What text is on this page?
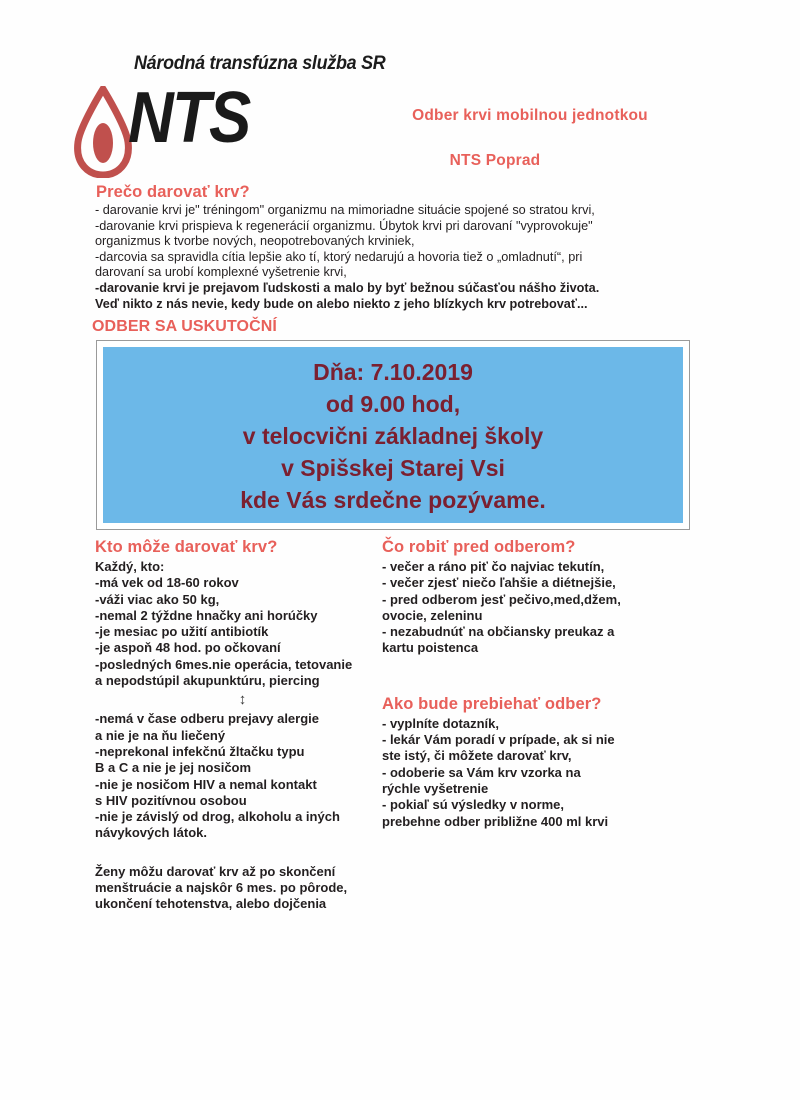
Národná transfúzna služba SR
NTS	Odber krvi mobilnou jednotkou
NTS Poprad
Prečo darovať krv?
- darovanie krvi je" tréningom" organizmu na mimoriadne situácie spojené so stratou krvi,
-darovanie krvi prispieva k regenerácií organizmu. Úbytok krvi pri darovaní "vyprovokuje"
organizmus k tvorbe nových, neopotrebovaných krviniek,
-darcovia sa spravidla cítia lepšie ako tí, ktorý nedarujú a hovoria tiež o „omladnutí“, pri
darovaní sa urobí komplexné vyšetrenie krvi,
-darovanie krvi je prejavom ľudskosti a malo by byť bežnou súčasťou nášho života.
Veď nikto z nás nevie, kedy bude on alebo niekto z jeho blízkych krv potrebovať...
ODBER SA USKUTOČNÍ
Dňa: 7.10.2019
od 9.00 hod,
v telocvični základnej školy
v Spišskej Starej Vsi
kde Vás srdečne pozývame.
Kto môže darovať krv?
Každý, kto:
-má vek od 18-60 rokov
-váži viac ako 50 kg,
-nemal 2 týždne hnačky ani horúčky
-je mesiac po užití antibiotík
-je aspoň 48 hod. po očkovaní
-posledných 6mes.nie operácia, tetovanie
a nepodstúpil akupunktúru, piercing
↕
-nemá v čase odberu prejavy alergie
a nie je na ňu liečený
-neprekonal infekčnú žltačku typu
B a C a nie je jej nosičom
-nie je nosičom HIV a nemal kontakt
s HIV pozitívnou osobou
-nie je závislý od drog, alkoholu a iných
návykových látok.
Ženy môžu darovať krv až po skončení
menštruácie a najskôr 6 mes. po pôrode,
ukončení tehotenstva, alebo dojčenia
Čo robiť pred odberom?
- večer a ráno piť čo najviac tekutín,
- večer zjesť niečo ľahšie a diétnejšie,
- pred odberom jesť pečivo,med,džem,
ovocie, zeleninu
- nezabudnúť na občiansky preukaz a
kartu poistenca
Ako bude prebiehať odber?
- vyplníte dotazník,
- lekár Vám poradí v prípade, ak si nie
ste istý, či môžete darovať krv,
- odoberie sa Vám krv vzorka na
rýchle vyšetrenie
- pokiaľ sú výsledky v norme,
prebehne odber približne 400 ml krvi
